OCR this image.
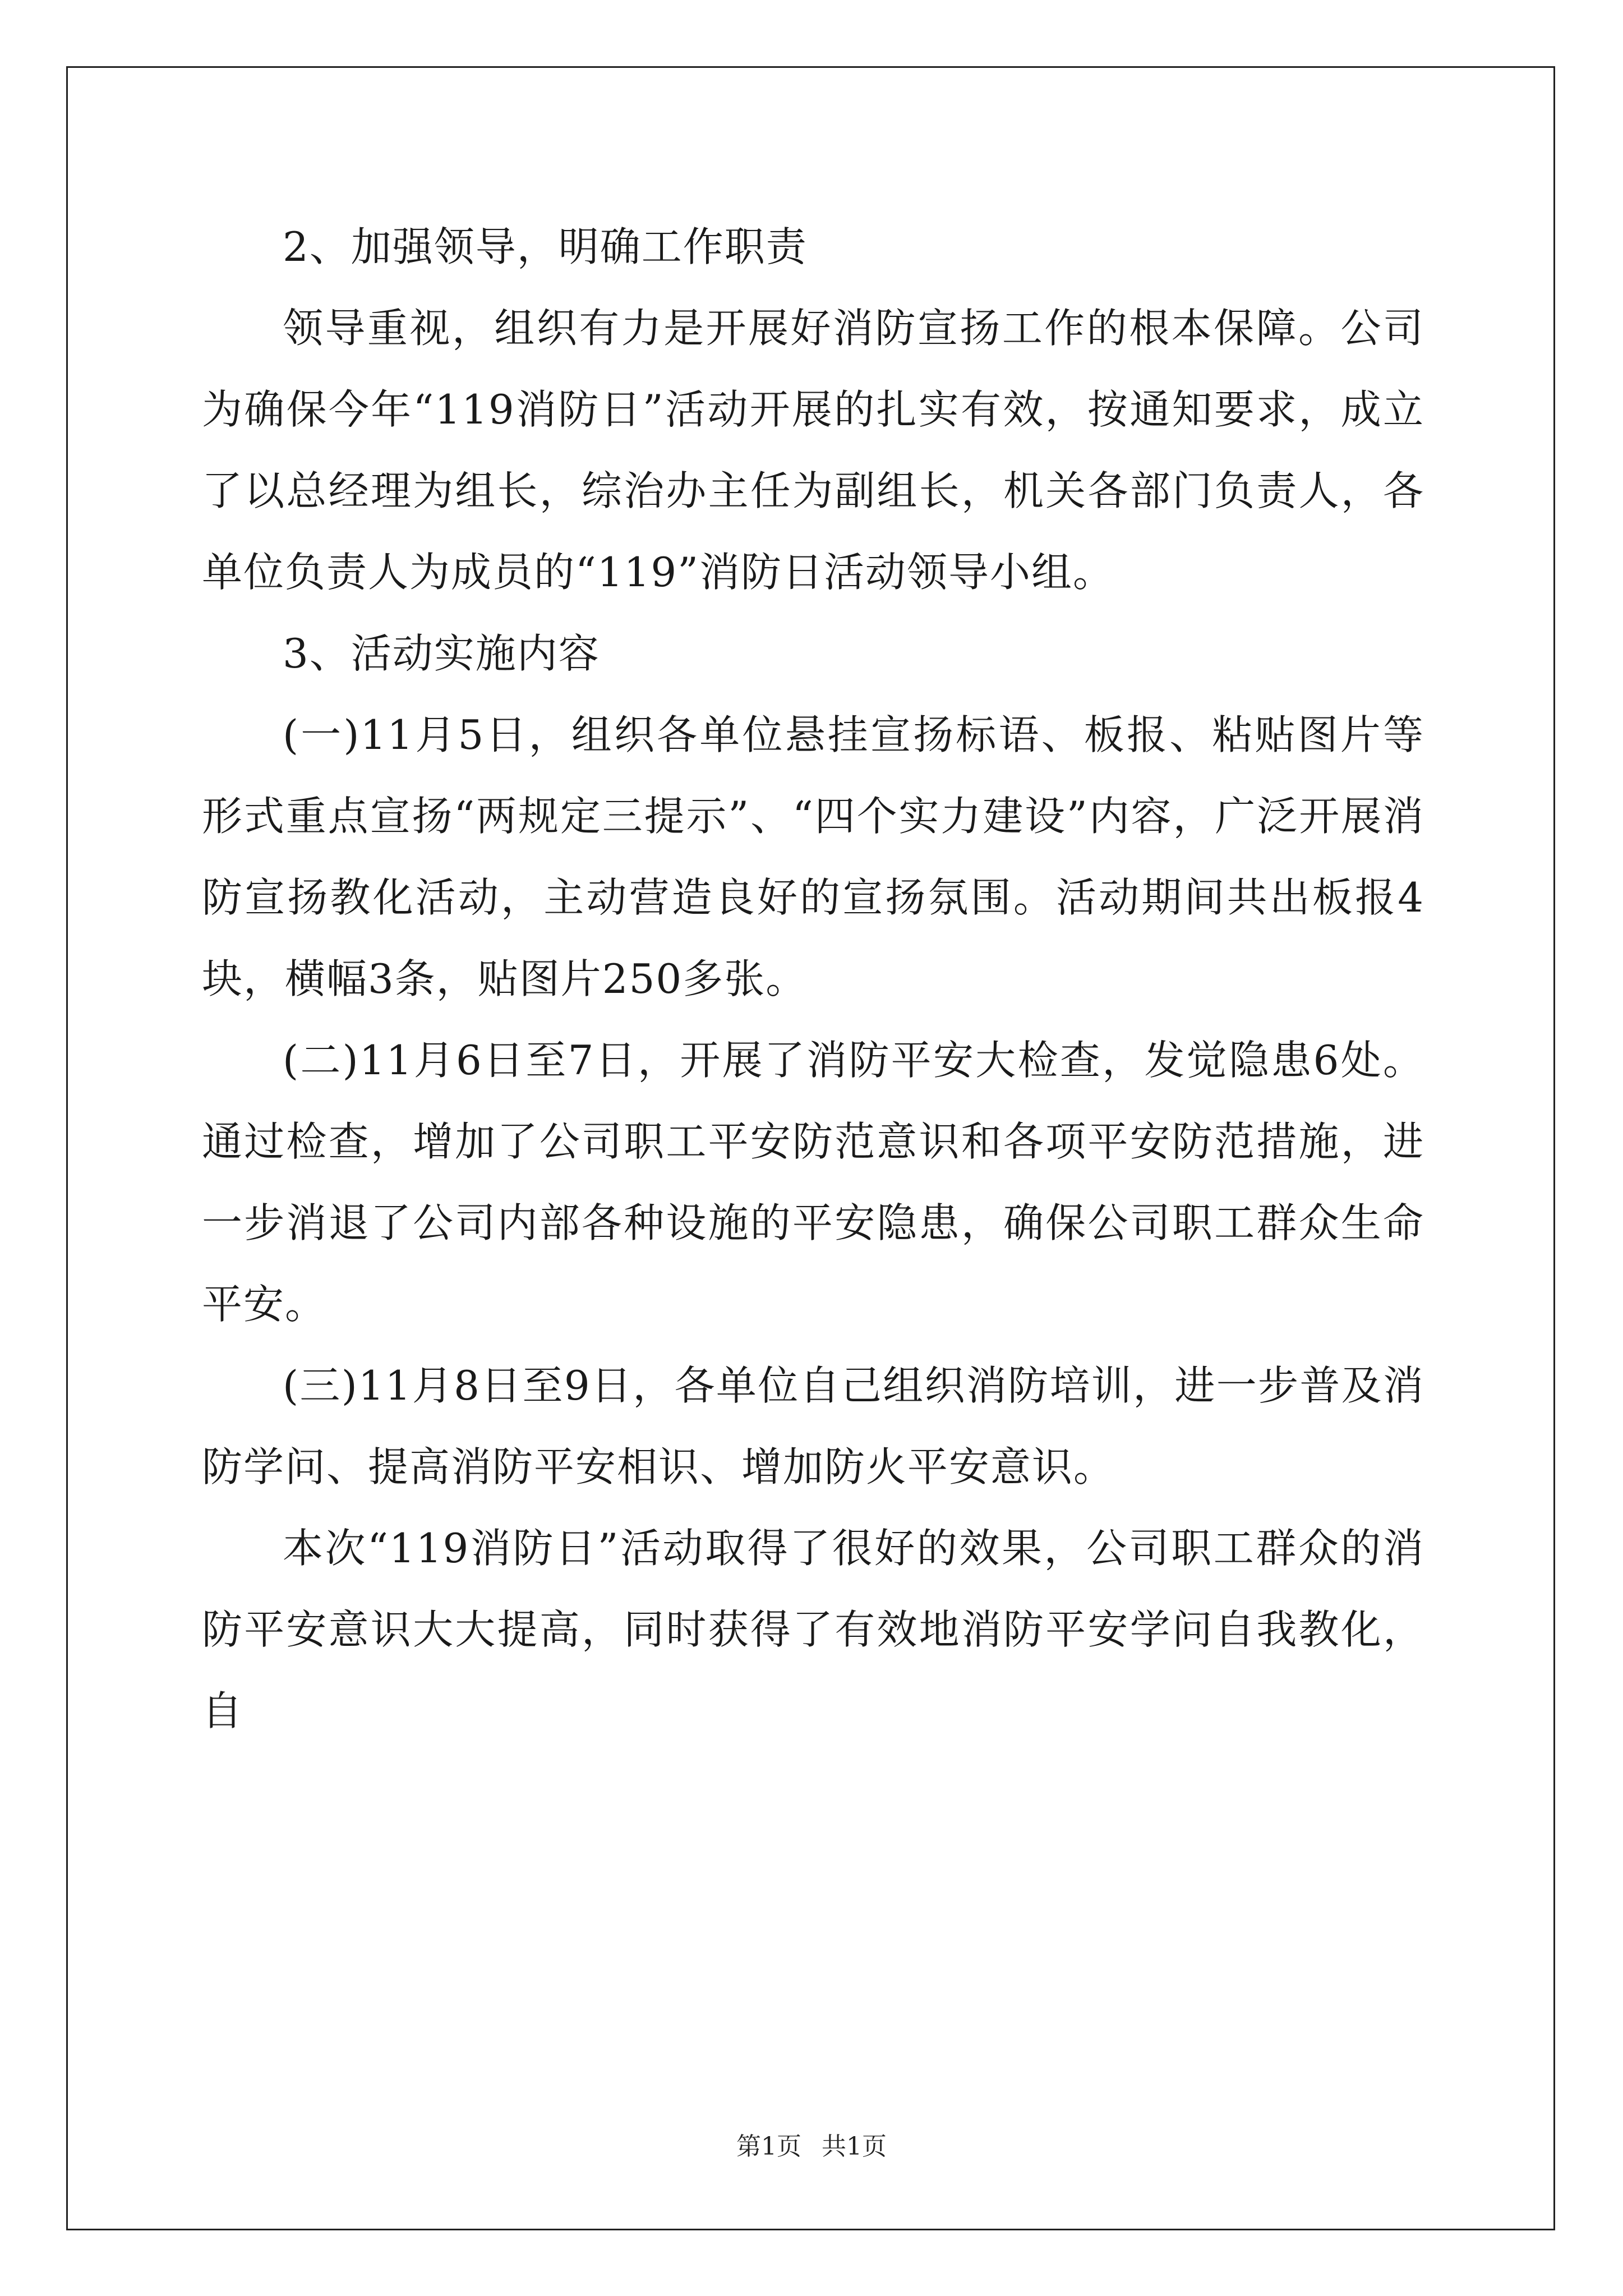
2、加强领导，明确工作职责

领导重视，组织有力是开展好消防宣扬工作的根本保障。公司为确保今年“119消防日”活动开展的扎实有效，按通知要求，成立了以总经理为组长，综治办主任为副组长，机关各部门负责人，各单位负责人为成员的“119”消防日活动领导小组。

3、活动实施内容

(一)11月5日，组织各单位悬挂宣扬标语、板报、粘贴图片等形式重点宣扬“两规定三提示”、“四个实力建设”内容，广泛开展消防宣扬教化活动，主动营造良好的宣扬氛围。活动期间共出板报4块，横幅3条，贴图片250多张。

(二)11月6日至7日，开展了消防平安大检查，发觉隐患6处。通过检查，增加了公司职工平安防范意识和各项平安防范措施，进一步消退了公司内部各种设施的平安隐患，确保公司职工群众生命平安。

(三)11月8日至9日，各单位自己组织消防培训，进一步普及消防学问、提高消防平安相识、增加防火平安意识。

本次“119消防日”活动取得了很好的效果，公司职工群众的消防平安意识大大提高，同时获得了有效地消防平安学问自我教化，自

第1页 共1页
